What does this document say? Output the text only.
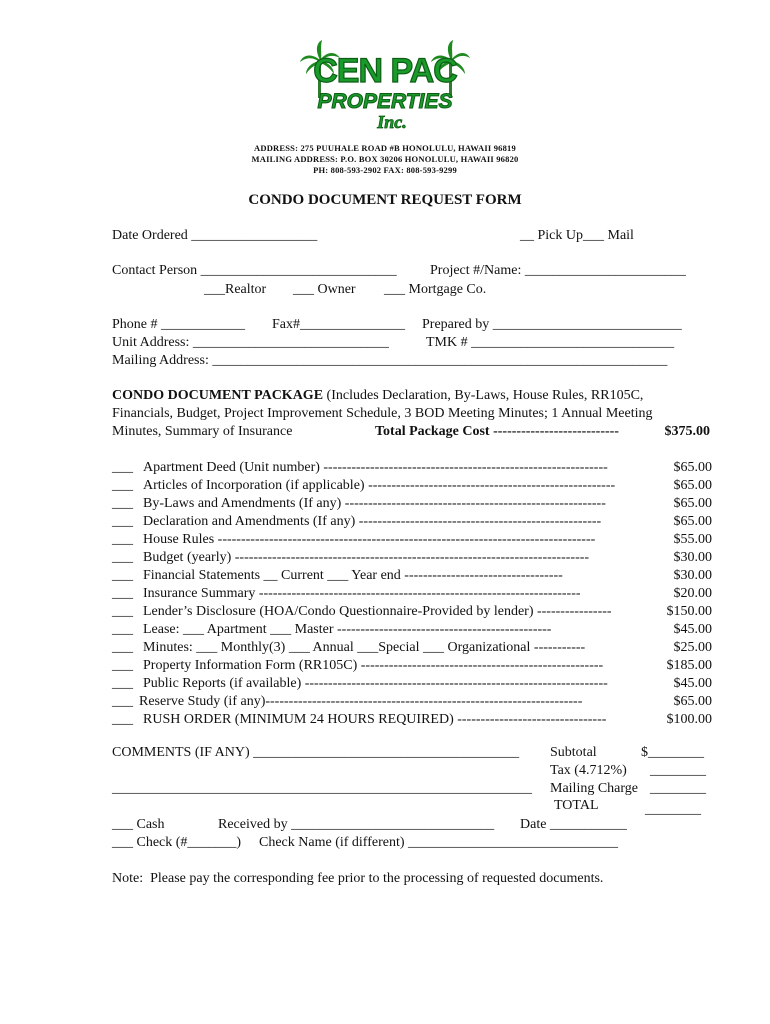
CEN PAC
PROPERTIES
Inc.
ADDRESS: 275 PUUHALE ROAD #B HONOLULU, HAWAII 96819
MAILING ADDRESS: P.O. BOX 30206 HONOLULU, HAWAII 96820
PH: 808-593-2902 FAX: 808-593-9299
CONDO DOCUMENT REQUEST FORM
Date Ordered __________________	__ Pick Up___ Mail
Contact Person ____________________________ Project #/Name: _______________________
___Realtor ___ Owner ___ Mortgage Co.
Phone # ____________ Fax#_______________ Prepared by ___________________________
Unit Address: ____________________________	TMK # _____________________________
Mailing Address: _________________________________________________________________
CONDO DOCUMENT PACKAGE (Includes Declaration, By-Laws, House Rules, RR105C,
Financials, Budget, Project Improvement Schedule, 3 BOD Meeting Minutes; 1 Annual Meeting
Minutes, Summary of Insurance	Total Package Cost ---------------------------	$375.00
___ Apartment Deed (Unit number) -------------------------------------------------------------	$65.00
___ Articles of Incorporation (if applicable) -----------------------------------------------------	$65.00
___ By-Laws and Amendments (If any) --------------------------------------------------------	$65.00
___ Declaration and Amendments (If any) ----------------------------------------------------	$65.00
___ House Rules ---------------------------------------------------------------------------------	$55.00
___ Budget (yearly) ----------------------------------------------------------------------------	$30.00
___ Financial Statements __ Current ___ Year end ----------------------------------	$30.00
___ Insurance Summary ---------------------------------------------------------------------	$20.00
___ Lender’s Disclosure (HOA/Condo Questionnaire-Provided by lender) ----------------	$150.00
___ Lease: ___ Apartment ___ Master ----------------------------------------------	$45.00
___ Minutes: ___ Monthly(3) ___ Annual ___Special ___ Organizational -----------	$25.00
___ Property Information Form (RR105C) ----------------------------------------------------	$185.00
___ Public Reports (if available) -----------------------------------------------------------------	$45.00
___ Reserve Study (if any)--------------------------------------------------------------------	$65.00
___ RUSH ORDER (MINIMUM 24 HOURS REQUIRED) --------------------------------	$100.00
COMMENTS (IF ANY) ______________________________________
____________________________________________________________
Subtotal	$________
Tax (4.712%) ________
Mailing Charge ________
TOTAL	________
___ Cash	Received by _____________________________ Date ___________
___ Check (#_______) Check Name (if different) ______________________________
Note:  Please pay the corresponding fee prior to the processing of requested documents.
